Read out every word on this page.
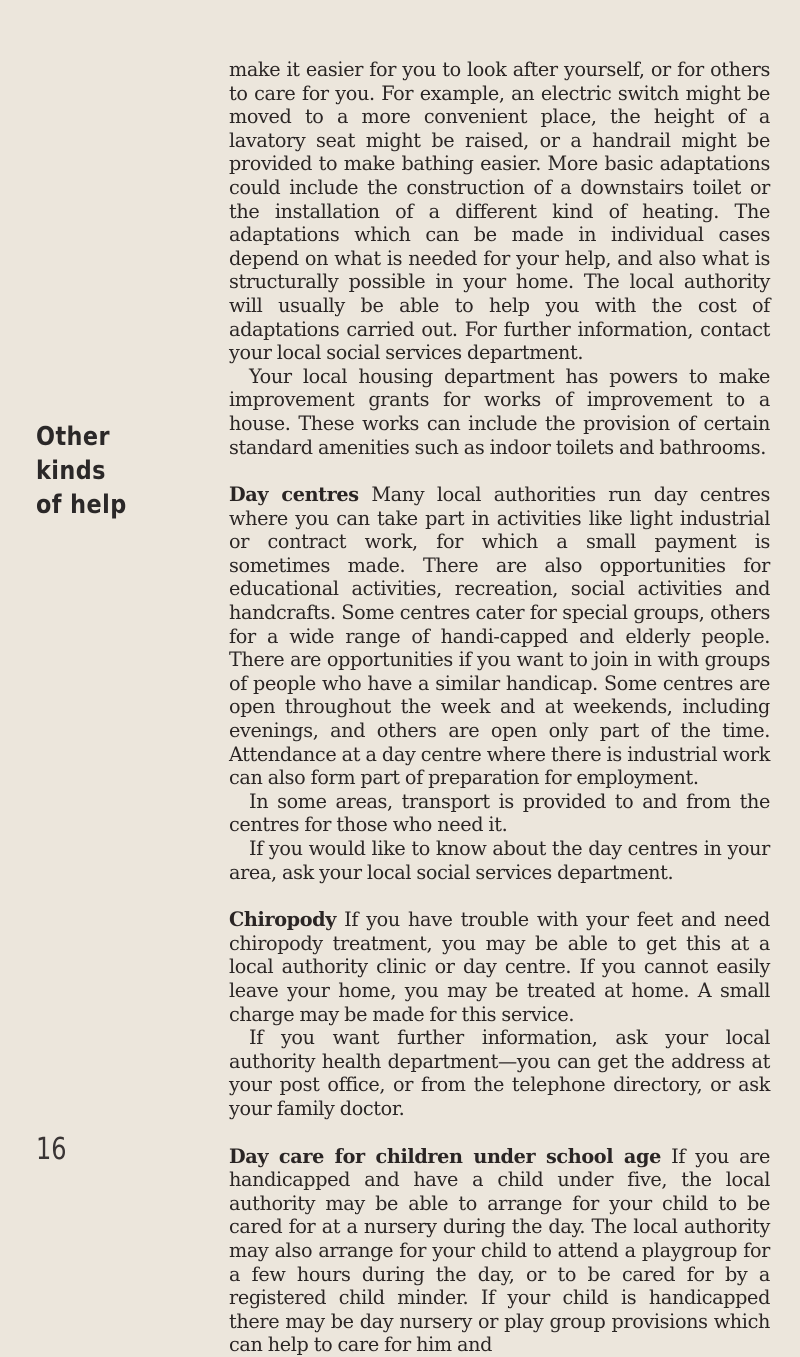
Other kinds
of help

make it easier for you to look after yourself, or for others to care for you. For example, an electric switch might be moved to a more convenient place, the height of a lavatory seat might be raised, or a handrail might be provided to make bathing easier. More basic adaptations could include the construction of a downstairs toilet or the installation of a different kind of heating. The adaptations which can be made in individual cases depend on what is needed for your help, and also what is structurally possible in your home. The local authority will usually be able to help you with the cost of adaptations carried out. For further information, contact your local social services department.

Your local housing department has powers to make improvement grants for works of improvement to a house. These works can include the provision of certain standard amenities such as indoor toilets and bathrooms.

Day centres Many local authorities run day centres where you can take part in activities like light industrial or contract work, for which a small payment is sometimes made. There are also opportunities for educational activities, recreation, social activities and handcrafts. Some centres cater for special groups, others for a wide range of handi-capped and elderly people. There are opportunities if you want to join in with groups of people who have a similar handicap. Some centres are open throughout the week and at weekends, including evenings, and others are open only part of the time. Attendance at a day centre where there is industrial work can also form part of preparation for employment.

In some areas, transport is provided to and from the centres for those who need it.

If you would like to know about the day centres in your area, ask your local social services department.

Chiropody If you have trouble with your feet and need chiropody treatment, you may be able to get this at a local authority clinic or day centre. If you cannot easily leave your home, you may be treated at home. A small charge may be made for this service.

If you want further information, ask your local authority health department—you can get the address at your post office, or from the telephone directory, or ask your family doctor.

Day care for children under school age If you are handicapped and have a child under five, the local authority may be able to arrange for your child to be cared for at a nursery during the day. The local authority may also arrange for your child to attend a playgroup for a few hours during the day, or to be cared for by a registered child minder. If your child is handicapped there may be day nursery or play group provisions which can help to care for him and

16
